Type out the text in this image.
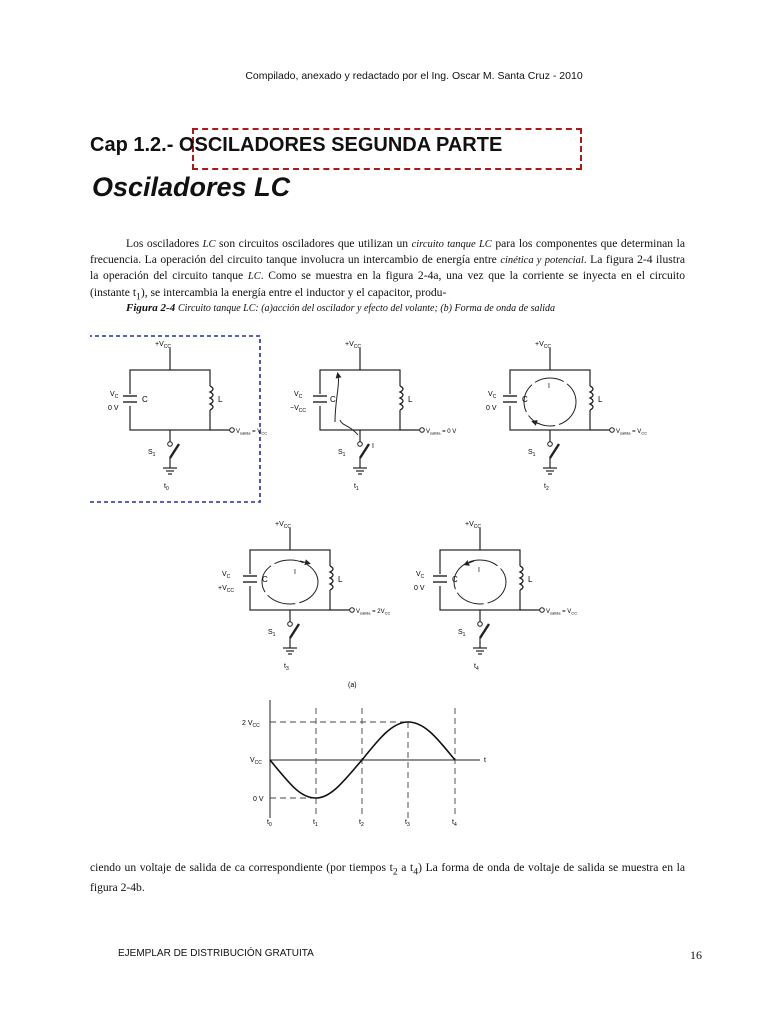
Compilado, anexado y redactado por el Ing. Oscar M. Santa Cruz - 2010
Cap 1.2.- OSCILADORES SEGUNDA PARTE
Osciladores LC

Los osciladores LC son circuitos osciladores que utilizan un circuito tanque LC para los componentes que determinan la frecuencia. La operación del circuito tanque involucra un intercambio de energía entre cinética y potencial. La figura 2-4 ilustra la operación del circuito tanque LC. Como se muestra en la figura 2-4a, una vez que la corriente se inyecta en el circuito (instante $t_1$), se intercambia la energía entre el inductor y el capacitor, produ-

Figura 2-4 Circuito tanque LC: (a)acción del oscilador y efecto del volante; (b) Forma de onda de salida
$+V_{CC}$
C	L
$V_C$
0 V
$V_{salida} = V_{CC}$
$S_1$
$t_0$
$+V_{CC}$
C	L
$V_C$
$-V_{CC}$
$V_{salida} = 0$ V
I
$S_1$
$t_1$
$+V_{CC}$
C	L
I
$V_C$
0 V
$V_{salida} = V_{CC}$
$S_1$
$t_2$
$+V_{CC}$
C	L
I
$V_C$
$+V_{CC}$
$V_{salida} = 2V_{CC}$
$S_1$
$t_3$
$+V_{CC}$
C	L
I
$V_C$
0 V
$V_{salida} = V_{CC}$
$S_1$
$t_4$
(a)
2 $V_{CC}$
$V_{CC}$
0 V
t
$t_0$	$t_1$	$t_2$	$t_3$	$t_4$
ciendo un voltaje de salida de ca correspondiente (por tiempos $t_2$ a $t_4$) La forma de onda de voltaje de salida se muestra en la figura 2-4b.
EJEMPLAR DE DISTRIBUCIÓN GRATUITA	16
